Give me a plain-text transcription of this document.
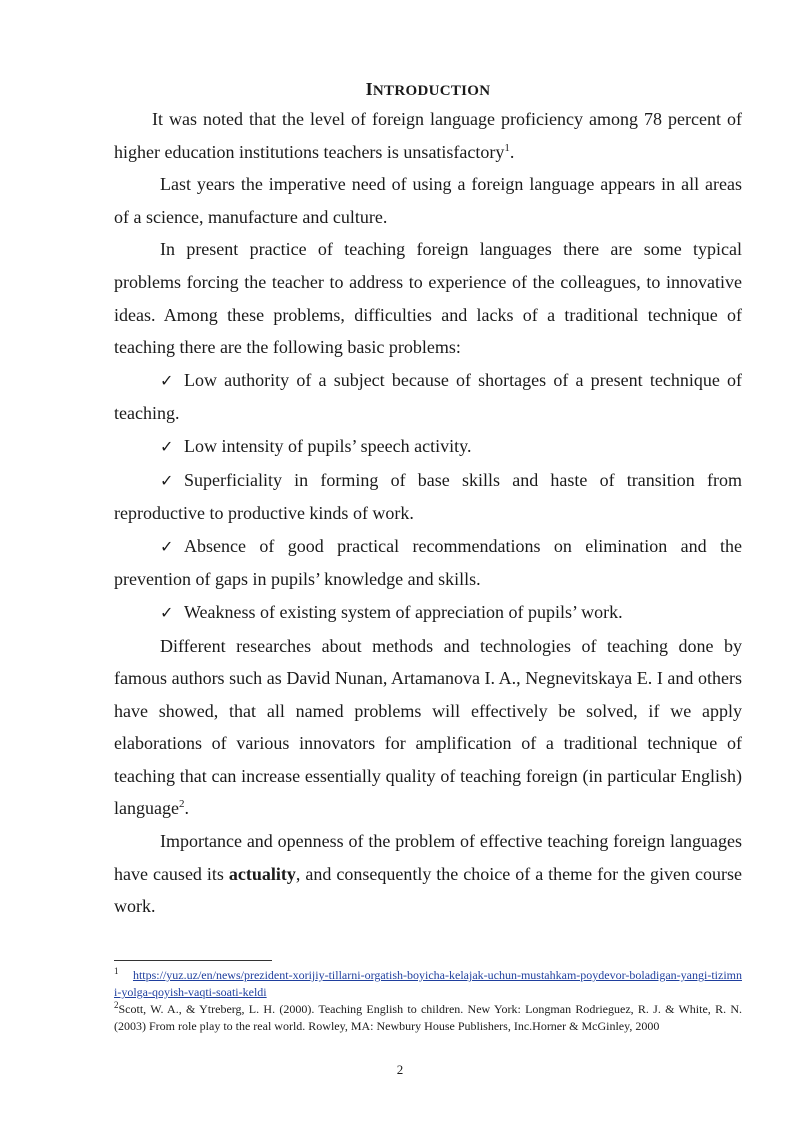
INTRODUCTION

It was noted that the level of foreign language proficiency among 78 percent of higher education institutions teachers is unsatisfactory$^1$.

Last years the imperative need of using a foreign language appears in all areas of a science, manufacture and culture.

In present practice of teaching foreign languages there are some typical problems forcing the teacher to address to experience of the colleagues, to innovative ideas. Among these problems, difficulties and lacks of a traditional technique of teaching there are the following basic problems:

✓ Low authority of a subject because of shortages of a present technique of teaching.

✓ Low intensity of pupils’ speech activity.

✓ Superficiality in forming of base skills and haste of transition from reproductive to productive kinds of work.

✓ Absence of good practical recommendations on elimination and the prevention of gaps in pupils’ knowledge and skills.

✓ Weakness of existing system of appreciation of pupils’ work.

Different researches about methods and technologies of teaching done by famous authors such as David Nunan, Artamanova I. A., Negnevitskaya E. I and others have showed, that all named problems will effectively be solved, if we apply elaborations of various innovators for amplification of a traditional technique of teaching that can increase essentially quality of teaching foreign (in particular English) language$^2$.

Importance and openness of the problem of effective teaching foreign languages have caused its actuality, and consequently the choice of a theme for the given course work.

$^1$ https://yuz.uz/en/news/prezident-xorijiy-tillarni-orgatish-boyicha-kelajak-uchun-mustahkam-poydevor-boladigan-yangi-tizimni-yolga-qoyish-vaqti-soati-keldi

$^2$Scott, W. A., & Ytreberg, L. H. (2000). Teaching English to children. New York: Longman Rodrieguez, R. J. & White, R. N. (2003) From role play to the real world. Rowley, MA: Newbury House Publishers, Inc.Horner & McGinley, 2000

2
